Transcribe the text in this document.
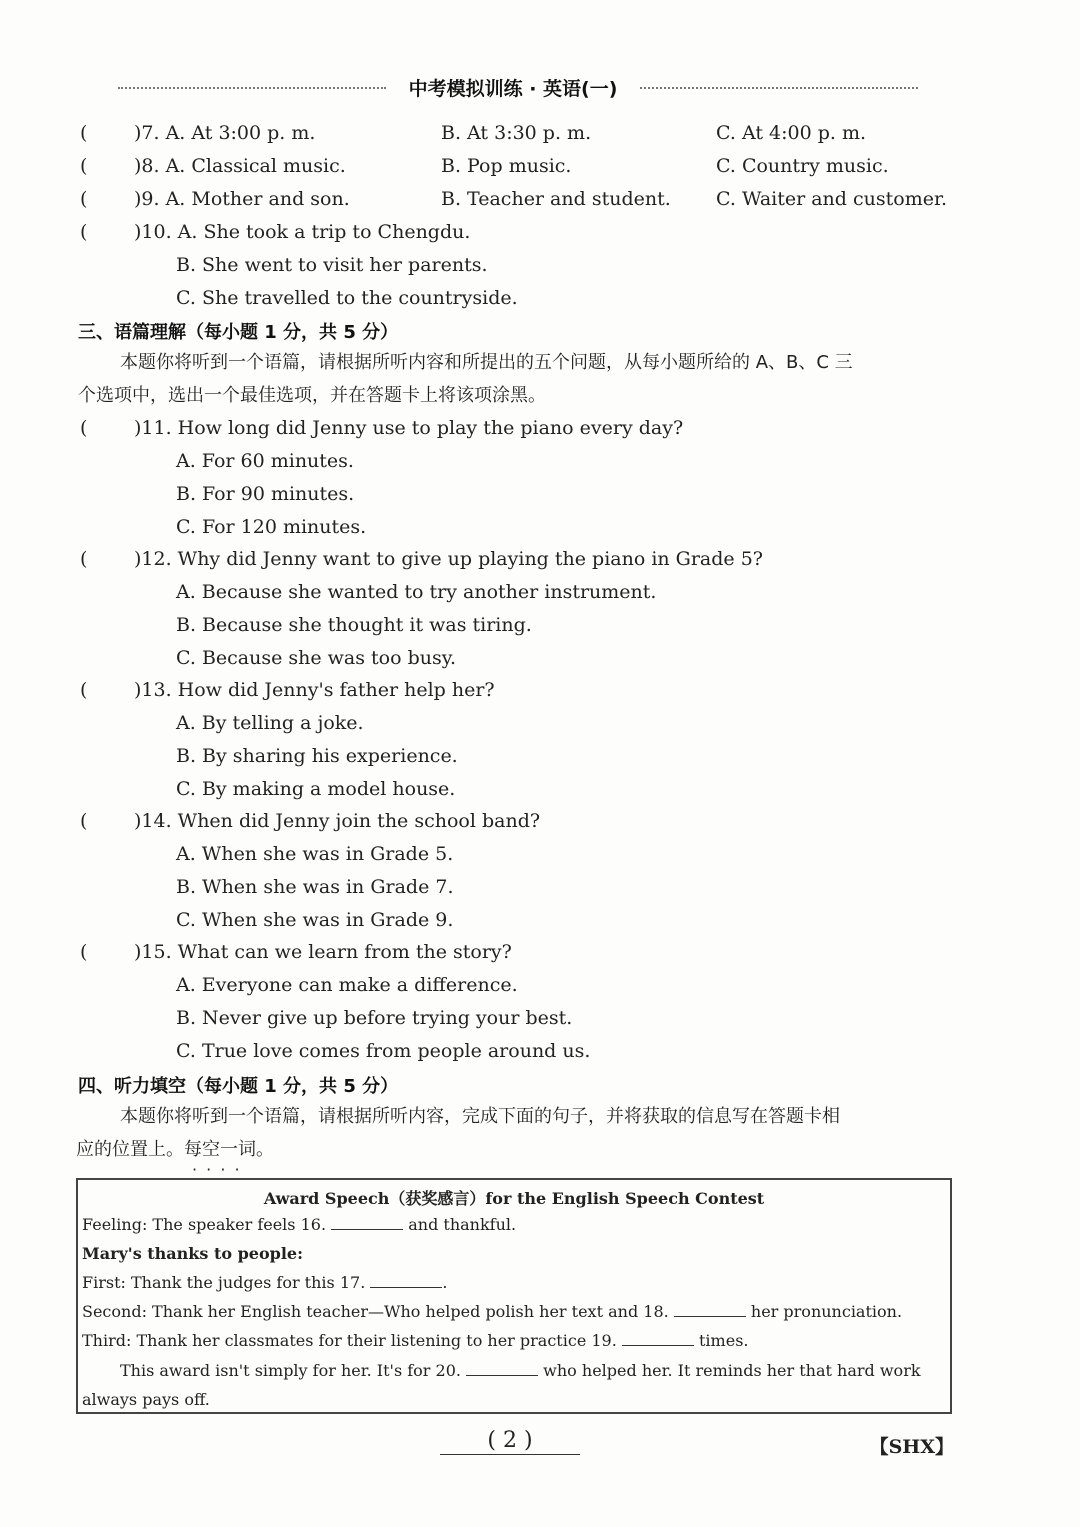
中考模拟训练 · 英语(一)
( )7. A. At 3:00 p. m.	B. At 3:30 p. m.	C. At 4:00 p. m.
( )8. A. Classical music.	B. Pop music.	C. Country music.
( )9. A. Mother and son.	B. Teacher and student. C. Waiter and customer.
( )10. A. She took a trip to Chengdu.
B. She went to visit her parents.
C. She travelled to the countryside.
三、语篇理解（每小题 1 分，共 5 分）
本题你将听到一个语篇，请根据所听内容和所提出的五个问题，从每小题所给的 A、B、C 三
个选项中，选出一个最佳选项，并在答题卡上将该项涂黑。
( )11. How long did Jenny use to play the piano every day?
A. For 60 minutes.
B. For 90 minutes.
C. For 120 minutes.
( )12. Why did Jenny want to give up playing the piano in Grade 5?
A. Because she wanted to try another instrument.
B. Because she thought it was tiring.
C. Because she was too busy.
( )13. How did Jenny's father help her?
A. By telling a joke.
B. By sharing his experience.
C. By making a model house.
( )14. When did Jenny join the school band?
A. When she was in Grade 5.
B. When she was in Grade 7.
C. When she was in Grade 9.
( )15. What can we learn from the story?
A. Everyone can make a difference.
B. Never give up before trying your best.
C. True love comes from people around us.
四、听力填空（每小题 1 分，共 5 分）
本题你将听到一个语篇，请根据所听内容，完成下面的句子，并将获取的信息写在答题卡相
应的位置上。每空一词 · · · ·。
Award Speech（获奖感言）for the English Speech Contest
Feeling: The speaker feels 16.	and thankful.
Mary's thanks to people:
First: Thank the judges for this 17.	.
Second: Thank her English teacher—Who helped polish her text and 18.	her pronunciation.
Third: Thank her classmates for their listening to her practice 19.	times.
This award isn't simply for her. It's for 20.	who helped her. It reminds her that hard work
always pays off.
( 2 )	【SHX】
